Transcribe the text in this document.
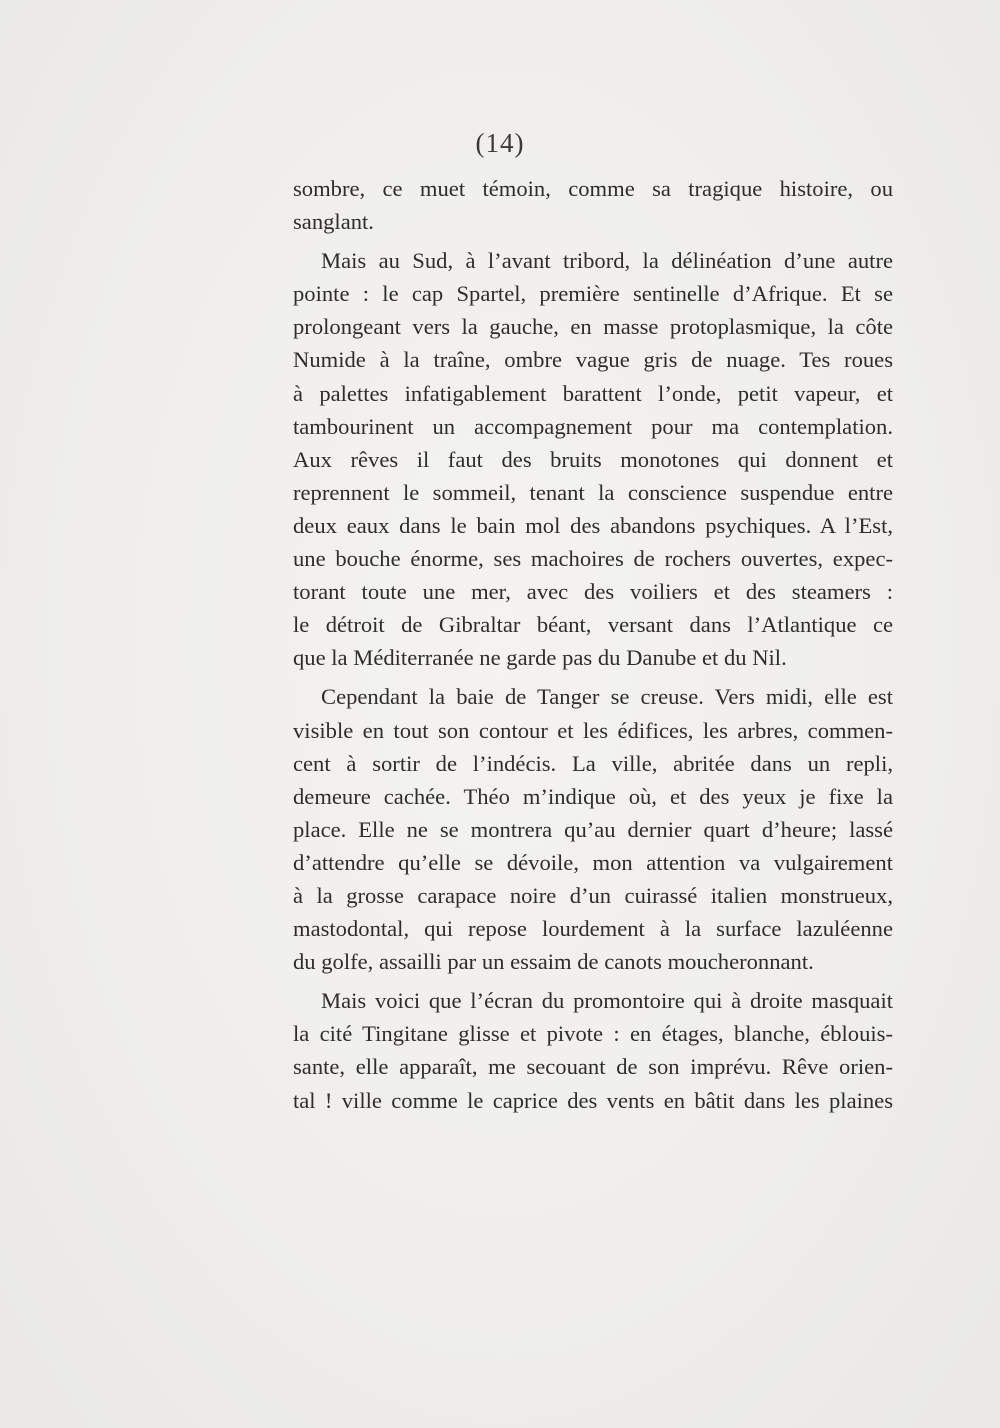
(14)

sombre, ce muet témoin, comme sa tragique histoire, ou

sanglant.

Mais au Sud, à l’avant tribord, la délinéation d’une autre

pointe : le cap Spartel, première sentinelle d’Afrique. Et se

prolongeant vers la gauche, en masse protoplasmique, la côte

Numide à la traîne, ombre vague gris de nuage. Tes roues

à palettes infatigablement barattent l’onde, petit vapeur, et

tambourinent un accompagnement pour ma contemplation.

Aux rêves il faut des bruits monotones qui donnent et

reprennent le sommeil, tenant la conscience suspendue entre

deux eaux dans le bain mol des abandons psychiques. A l’Est,

une bouche énorme, ses machoires de rochers ouvertes, expec-

torant toute une mer, avec des voiliers et des steamers :

le détroit de Gibraltar béant, versant dans l’Atlantique ce

que la Méditerranée ne garde pas du Danube et du Nil.

Cependant la baie de Tanger se creuse. Vers midi, elle est

visible en tout son contour et les édifices, les arbres, commen-

cent à sortir de l’indécis. La ville, abritée dans un repli,

demeure cachée. Théo m’indique où, et des yeux je fixe la

place. Elle ne se montrera qu’au dernier quart d’heure; lassé

d’attendre qu’elle se dévoile, mon attention va vulgairement

à la grosse carapace noire d’un cuirassé italien monstrueux,

mastodontal, qui repose lourdement à la surface lazuléenne

du golfe, assailli par un essaim de canots moucheronnant.

Mais voici que l’écran du promontoire qui à droite masquait

la cité Tingitane glisse et pivote : en étages, blanche, éblouis-

sante, elle apparaît, me secouant de son imprévu. Rêve orien-

tal ! ville comme le caprice des vents en bâtit dans les plaines
